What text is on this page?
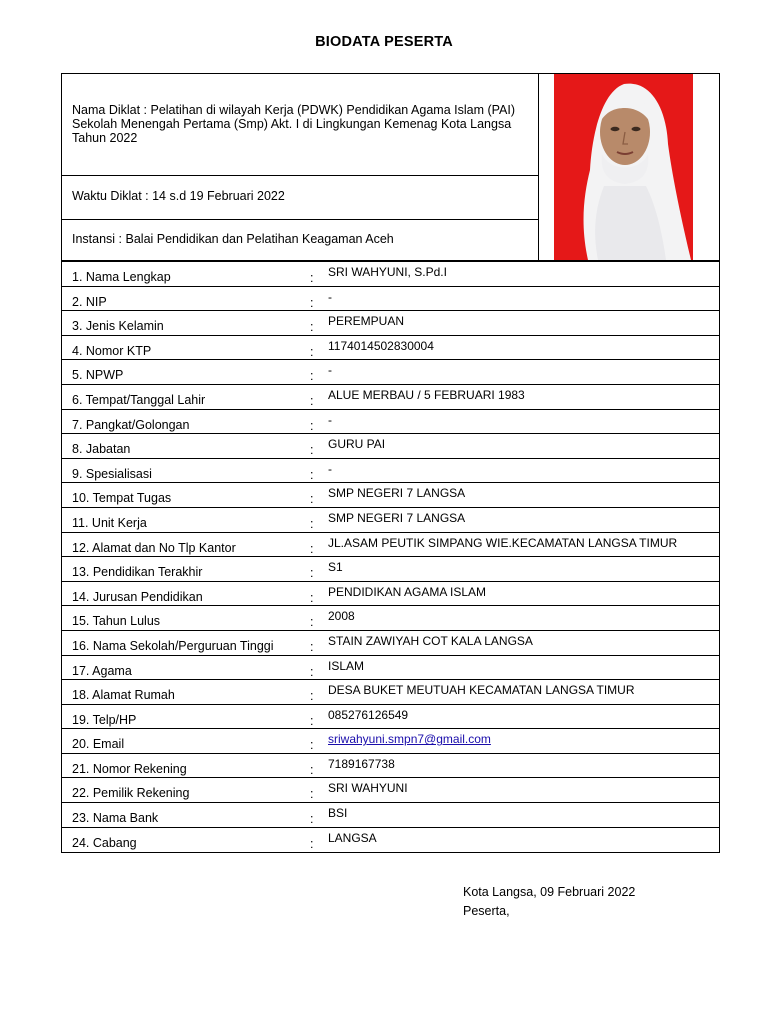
BIODATA PESERTA
Nama Diklat : Pelatihan di wilayah Kerja (PDWK) Pendidikan Agama Islam (PAI) Sekolah Menengah Pertama (Smp) Akt. I di Lingkungan Kemenag Kota Langsa Tahun 2022
Waktu Diklat : 14 s.d 19 Februari 2022
Instansi : Balai Pendidikan dan Pelatihan Keagaman Aceh
1. Nama Lengkap	: SRI WAHYUNI, S.Pd.I
2. NIP	: -
3. Jenis Kelamin	: PEREMPUAN
4. Nomor KTP	: 1174014502830004
5. NPWP	: -
6. Tempat/Tanggal Lahir	: ALUE MERBAU / 5 FEBRUARI 1983
7. Pangkat/Golongan	: -
8. Jabatan	: GURU PAI
9. Spesialisasi	: -
10. Tempat Tugas	: SMP NEGERI 7 LANGSA
11. Unit Kerja	: SMP NEGERI 7 LANGSA
12. Alamat dan No Tlp Kantor	: JL.ASAM PEUTIK SIMPANG WIE.KECAMATAN LANGSA TIMUR
13. Pendidikan Terakhir	: S1
14. Jurusan Pendidikan	: PENDIDIKAN AGAMA ISLAM
15. Tahun Lulus	: 2008
16. Nama Sekolah/Perguruan Tinggi	: STAIN ZAWIYAH COT KALA LANGSA
17. Agama	: ISLAM
18. Alamat Rumah	: DESA BUKET MEUTUAH KECAMATAN LANGSA TIMUR
19. Telp/HP	: 085276126549
20. Email	: sriwahyuni.smpn7@gmail.com
21. Nomor Rekening	: 7189167738
22. Pemilik Rekening	: SRI WAHYUNI
23. Nama Bank	: BSI
24. Cabang	: LANGSA
Kota Langsa, 09 Februari 2022
Peserta,
